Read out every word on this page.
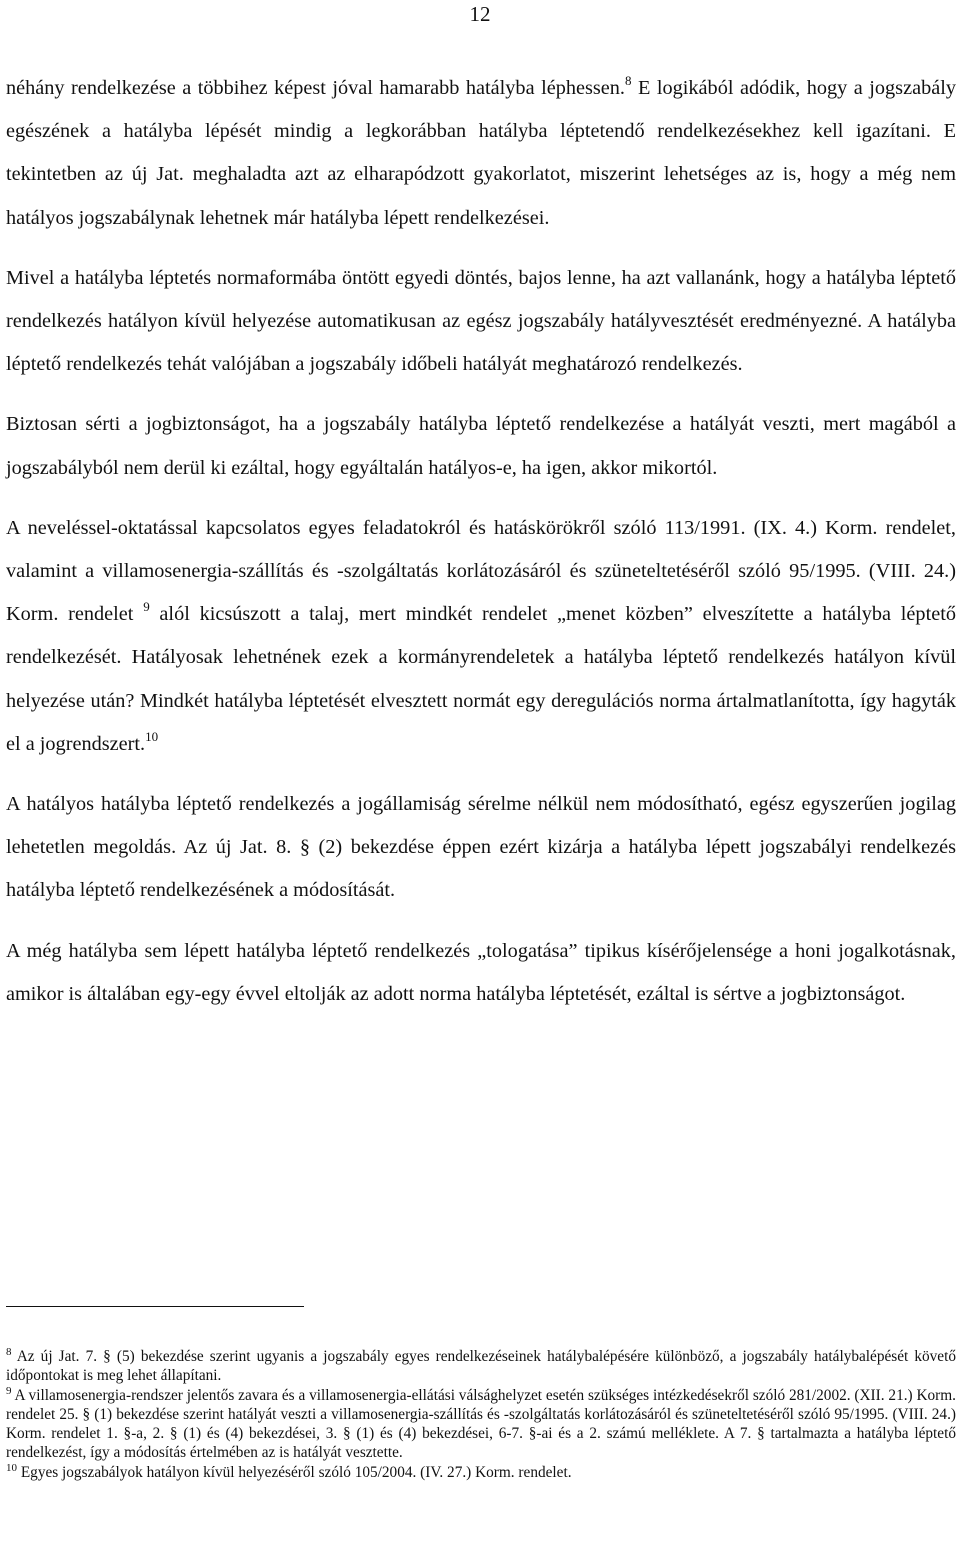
12

néhány rendelkezése a többihez képest jóval hamarabb hatályba léphessen.$^8$ E logikából adódik, hogy a jogszabály egészének a hatályba lépését mindig a legkorábban hatályba léptetendő rendelkezésekhez kell igazítani. E tekintetben az új Jat. meghaladta azt az elharapódzott gyakorlatot, miszerint lehetséges az is, hogy a még nem hatályos jogszabálynak lehetnek már hatályba lépett rendelkezései.

Mivel a hatályba léptetés normaformába öntött egyedi döntés, bajos lenne, ha azt vallanánk, hogy a hatályba léptető rendelkezés hatályon kívül helyezése automatikusan az egész jogszabály hatályvesztését eredményezné. A hatályba léptető rendelkezés tehát valójában a jogszabály időbeli hatályát meghatározó rendelkezés.

Biztosan sérti a jogbiztonságot, ha a jogszabály hatályba léptető rendelkezése a hatályát veszti, mert magából a jogszabályból nem derül ki ezáltal, hogy egyáltalán hatályos-e, ha igen, akkor mikortól.

A neveléssel-oktatással kapcsolatos egyes feladatokról és hatáskörökről szóló 113/1991. (IX. 4.) Korm. rendelet, valamint a villamosenergia-szállítás és -szolgáltatás korlátozásáról és szüneteltetéséről szóló 95/1995. (VIII. 24.) Korm. rendelet $^9$ alól kicsúszott a talaj, mert mindkét rendelet „menet közben” elveszítette a hatályba léptető rendelkezését. Hatályosak lehetnének ezek a kormányrendeletek a hatályba léptető rendelkezés hatályon kívül helyezése után? Mindkét hatályba léptetését elvesztett normát egy deregulációs norma ártalmatlanította, így hagyták el a jogrendszert.$^{10}$

A hatályos hatályba léptető rendelkezés a jogállamiság sérelme nélkül nem módosítható, egész egyszerűen jogilag lehetetlen megoldás. Az új Jat. 8. § (2) bekezdése éppen ezért kizárja a hatályba lépett jogszabályi rendelkezés hatályba léptető rendelkezésének a módosítását.

A még hatályba sem lépett hatályba léptető rendelkezés „tologatása” tipikus kísérőjelensége a honi jogalkotásnak, amikor is általában egy-egy évvel eltolják az adott norma hatályba léptetését, ezáltal is sértve a jogbiztonságot.

$^8$ Az új Jat. 7. § (5) bekezdése szerint ugyanis a jogszabály egyes rendelkezéseinek hatálybalépésére különböző, a jogszabály hatálybalépését követő időpontokat is meg lehet állapítani.

$^9$ A villamosenergia-rendszer jelentős zavara és a villamosenergia-ellátási válsághelyzet esetén szükséges intézkedésekről szóló 281/2002. (XII. 21.) Korm. rendelet 25. § (1) bekezdése szerint hatályát veszti a villamosenergia-szállítás és -szolgáltatás korlátozásáról és szüneteltetéséről szóló 95/1995. (VIII. 24.) Korm. rendelet 1. §-a, 2. § (1) és (4) bekezdései, 3. § (1) és (4) bekezdései, 6-7. §-ai és a 2. számú melléklete. A 7. § tartalmazta a hatályba léptető rendelkezést, így a módosítás értelmében az is hatályát vesztette.

$^{10}$ Egyes jogszabályok hatályon kívül helyezéséről szóló 105/2004. (IV. 27.) Korm. rendelet.
